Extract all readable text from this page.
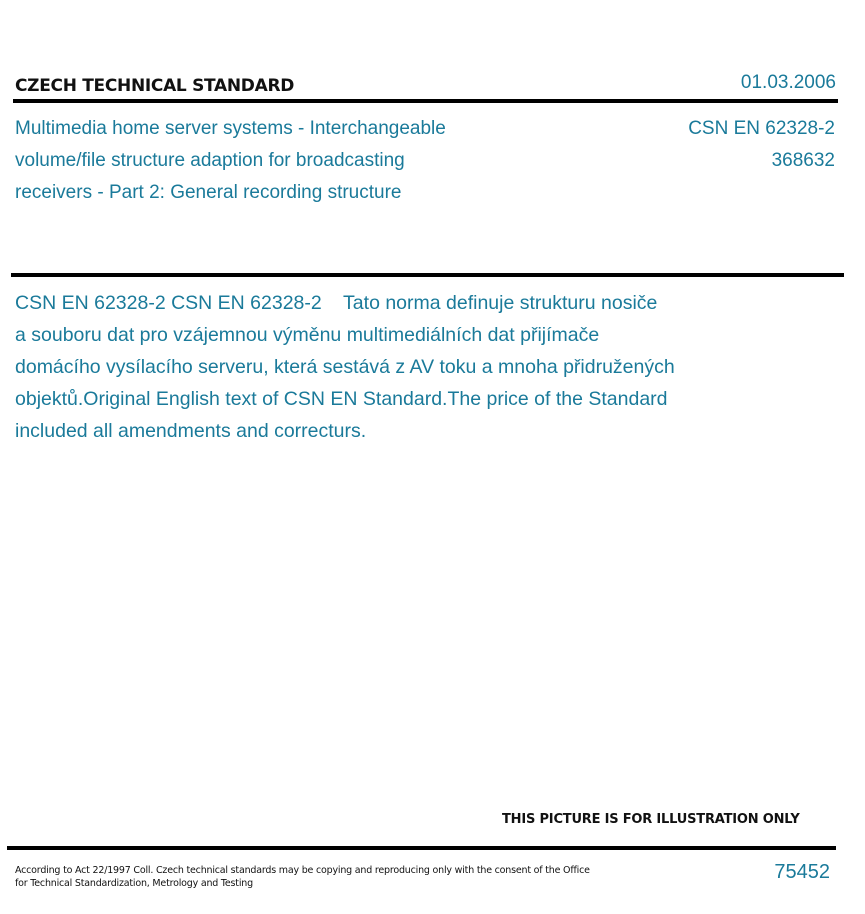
CZECH TECHNICAL STANDARD	01.03.2006
Multimedia home server systems - Interchangeable
volume/file structure adaption for broadcasting
receivers - Part 2: General recording structure
CSN EN 62328-2
368632
CSN EN 62328-2 CSN EN 62328-2    Tato norma definuje strukturu nosiče
a souboru dat pro vzájemnou výměnu multimediálních dat přijímače
domácího vysílacího serveru, která sestává z AV toku a mnoha přidružených
objektů.Original English text of CSN EN Standard.The price of the Standard
included all amendments and correcturs.
THIS PICTURE IS FOR ILLUSTRATION ONLY
According to Act 22/1997 Coll. Czech technical standards may be copying and reproducing only with the consent of the Office
for Technical Standardization, Metrology and Testing
75452
